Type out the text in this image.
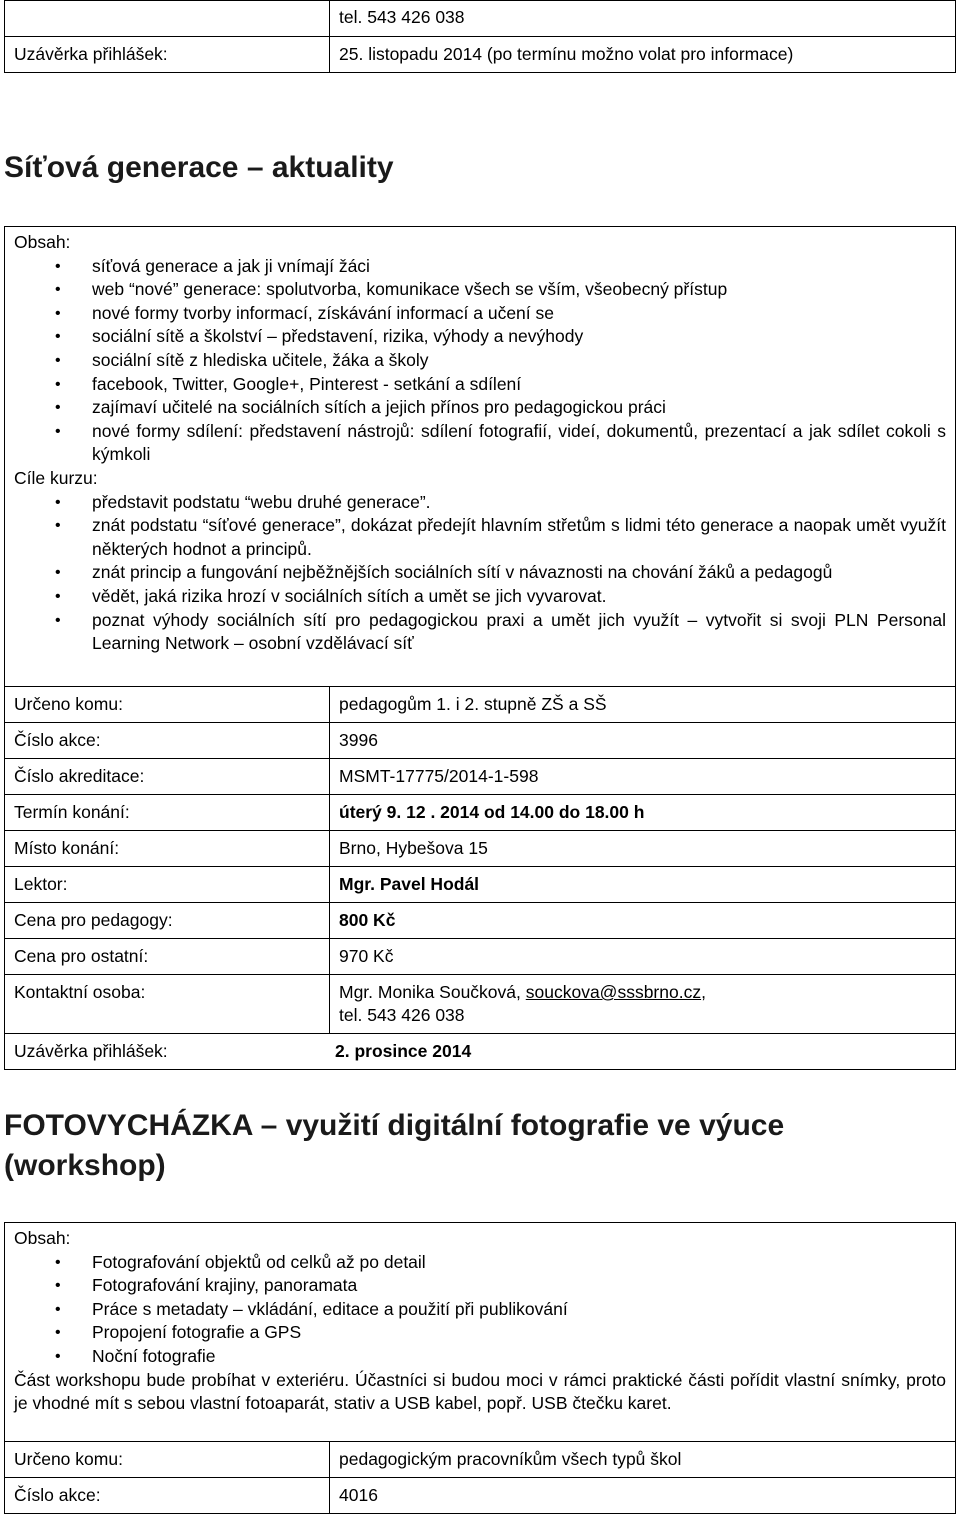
	tel. 543 426 038
Uzávěrka přihlášek:	25. listopadu 2014 (po termínu možno volat pro informace)
Síťová generace – aktuality

Obsah:

• síťová generace a jak ji vnímají žáci
• web “nové” generace: spolutvorba, komunikace všech se vším, všeobecný přístup
• nové formy tvorby informací, získávání informací a učení se
• sociální sítě a školství – představení, rizika, výhody a nevýhody
• sociální sítě z hlediska učitele, žáka a školy
• facebook, Twitter, Google+, Pinterest - setkání a sdílení
• zajímaví učitelé na sociálních sítích a jejich přínos pro pedagogickou práci
• nové formy sdílení: představení nástrojů: sdílení fotografií, videí, dokumentů, prezentací a jak sdílet cokoli s kýmkoli

Cíle kurzu:

• představit podstatu “webu druhé generace”.
• znát podstatu “síťové generace”, dokázat předejít hlavním střetům s lidmi této generace a naopak umět využít některých hodnot a principů.
• znát princip a fungování nejběžnějších sociálních sítí v návaznosti na chování žáků a pedagogů
• vědět, jaká rizika hrozí v sociálních sítích a umět se jich vyvarovat.
• poznat výhody sociálních sítí pro pedagogickou praxi a umět jich využít – vytvořit si svoji PLN Personal Learning Network – osobní vzdělávací síť
Určeno komu:	pedagogům 1. i 2. stupně ZŠ a SŠ
Číslo akce:	3996
Číslo akreditace:	MSMT-17775/2014-1-598
Termín konání:	úterý 9. 12 . 2014 od 14.00 do 18.00 h
Místo konání:	Brno, Hybešova 15
Lektor:	Mgr. Pavel Hodál
Cena pro pedagogy:	800 Kč
Cena pro ostatní:	970 Kč
Kontaktní osoba:	Mgr. Monika Součková, souckova@sssbrno.cz,
tel. 543 426 038

Uzávěrka přihlášek: 2. prosince 2014	
FOTOVYCHÁZKA – využití digitální fotografie ve výuce (workshop)

Obsah:

• Fotografování objektů od celků až po detail
• Fotografování krajiny, panoramata
• Práce s metadaty – vkládání, editace a použití při publikování
• Propojení fotografie a GPS
• Noční fotografie

Část workshopu bude probíhat v exteriéru. Účastníci si budou moci v rámci praktické části pořídit vlastní snímky, proto je vhodné mít s sebou vlastní fotoaparát, stativ a USB kabel, popř. USB čtečku karet.

Určeno komu:	pedagogickým pracovníkům všech typů škol
Číslo akce:	4016
